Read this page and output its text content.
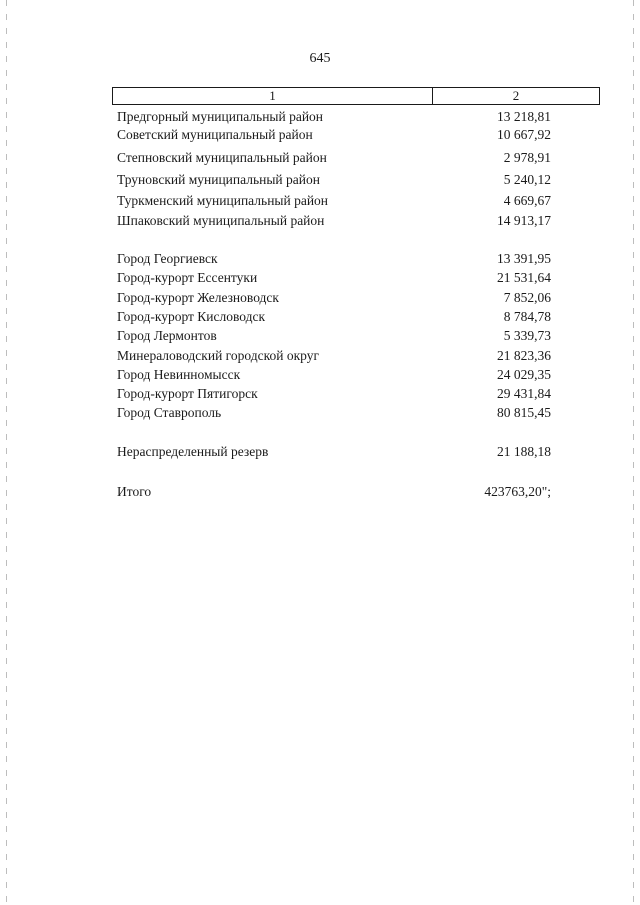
645
1	2
Предгорный муниципальный район	13 218,81
Советский муниципальный район	10 667,92
Степновский муниципальный район	2 978,91
Труновский муниципальный район	5 240,12
Туркменский муниципальный район	4 669,67
Шпаковский муниципальный район	14 913,17
Город Георгиевск	13 391,95
Город-курорт Ессентуки	21 531,64
Город-курорт Железноводск	7 852,06
Город-курорт Кисловодск	8 784,78
Город Лермонтов	5 339,73
Минераловодский городской округ	21 823,36
Город Невинномысск	24 029,35
Город-курорт Пятигорск	29 431,84
Город Ставрополь	80 815,45
Нераспределенный резерв	21 188,18
Итого	423763,20";
